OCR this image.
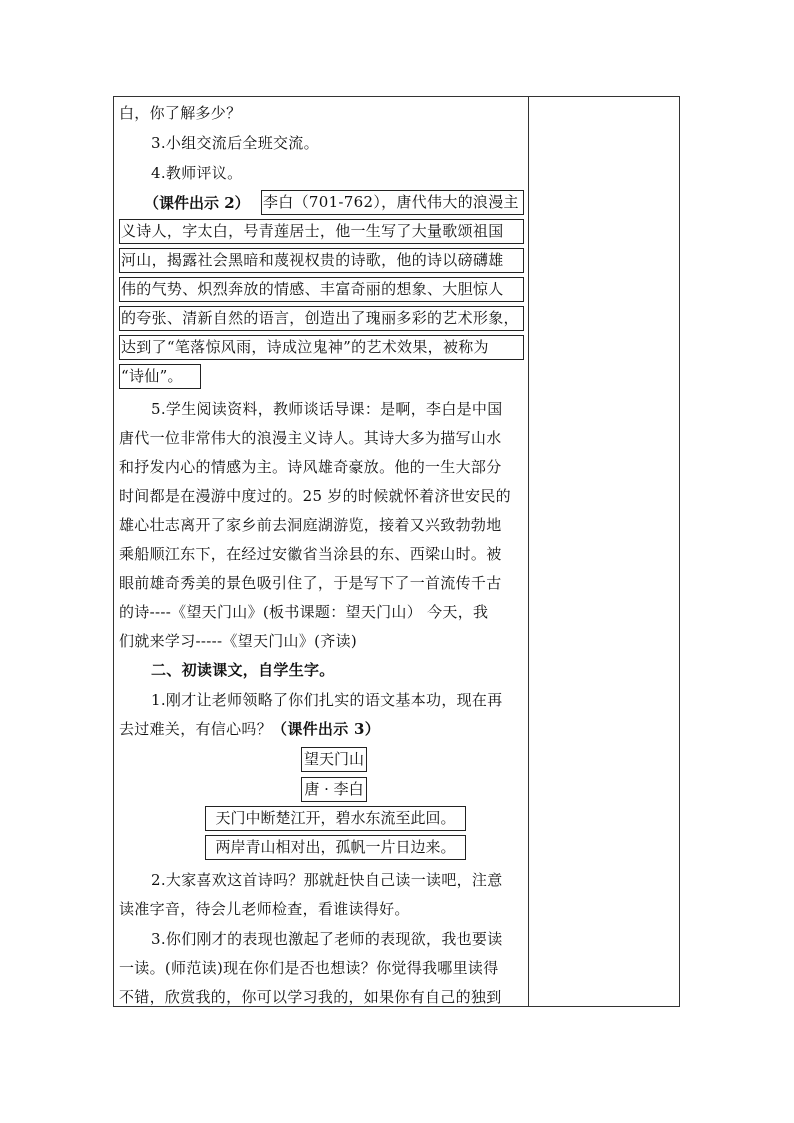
白，你了解多少？
3.小组交流后全班交流。
4.教师评议。
（课件出示 2） 李白（701-762），唐代伟大的浪漫主
义诗人，字太白，号青莲居士，他一生写了大量歌颂祖国
河山，揭露社会黑暗和蔑视权贵的诗歌，他的诗以磅礴雄
伟的气势、炽烈奔放的情感、丰富奇丽的想象、大胆惊人
的夸张、清新自然的语言，创造出了瑰丽多彩的艺术形象，
达到了“笔落惊风雨，诗成泣鬼神”的艺术效果，被称为
“诗仙”。
5.学生阅读资料，教师谈话导课：是啊，李白是中国
唐代一位非常伟大的浪漫主义诗人。其诗大多为描写山水
和抒发内心的情感为主。诗风雄奇豪放。他的一生大部分
时间都是在漫游中度过的。25 岁的时候就怀着济世安民的
雄心壮志离开了家乡前去洞庭湖游览，接着又兴致勃勃地
乘船顺江东下，在经过安徽省当涂县的东、西梁山时。被
眼前雄奇秀美的景色吸引住了，于是写下了一首流传千古
的诗----《望天门山》(板书课题：望天门山） 今天，我
们就来学习-----《望天门山》(齐读)
二、初读课文，自学生字。
1.刚才让老师领略了你们扎实的语文基本功，现在再
去过难关，有信心吗？（课件出示 3）
望天门山
唐 · 李白
天门中断楚江开，碧水东流至此回。
两岸青山相对出，孤帆一片日边来。
2.大家喜欢这首诗吗？那就赶快自己读一读吧，注意
读准字音，待会儿老师检查，看谁读得好。
3.你们刚才的表现也激起了老师的表现欲，我也要读
一读。(师范读)现在你们是否也想读？你觉得我哪里读得
不错，欣赏我的，你可以学习我的，如果你有自己的独到
